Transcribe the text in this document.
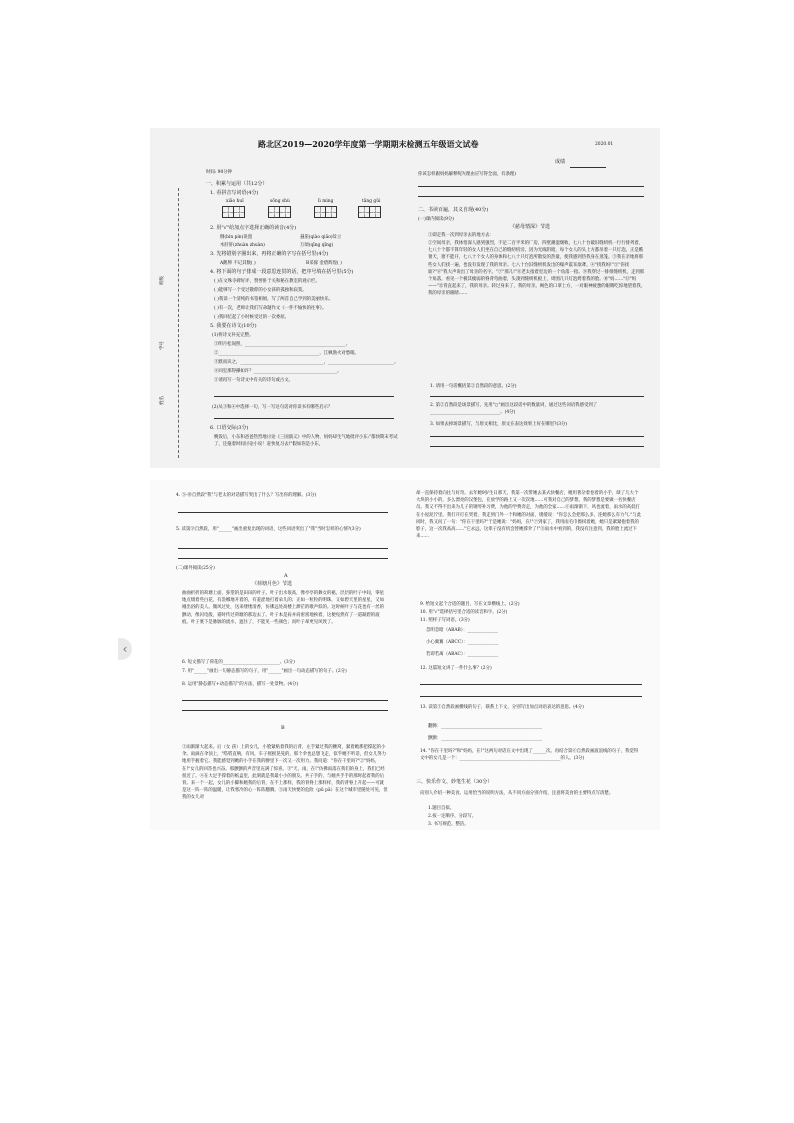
班级
学号
姓名
路北区2019—2020学年度第一学期期末检测五年级语文试卷	2020.01
成绩
时间: 90分钟
一、积累与运用（共12分）
1. 看拼音写词语(4分)
xiāo huǐ	sōng shù	lì mìng	tāng gǔi
2. 用"√"给加点字选择正确的读音(4分)
倒(bìn pín)误置	悬崖(qiào qiǎo)耸立
木肝肝(zhuàn zhuàn)	万顷(qīng qǐng)
3. 先将错别字圈出来，再将正确的字写在括号里(4分)
A鹅卵 不记其数( )	B采傢 金碧辉煌( )
4. 将下面的句子排成一段意思连贯的话，把序号填在括号里(5分)
( )在文殊寺碑好评，赞誉卧于关和秘在教室的观示栏。
( )能够写一个受过敬仰的小女孩的孤独和寂寞。
( )我读一个清纯的书签相姐，写了两首自己学到的美丽快乐。
( )有一次，老师让我们写命题作文《一件不愉快的往事》。
( )我回忆起了小时候受过的一次委屈。
5. 我要在诗文(10分)
(1)将诗文补充完整。
①明月松间照，______________________________________________。
②______________________________________________，江枫渔火对愁眠。
③默而识之，______________________________________，______________________________。
④同室那得操如许？______________________________________。
⑤请再写一句诗文中有关的诗句或古文。
(2)从③和④中选择一句，写一写这句话对你读书有哪些启示？
6. 口语交际(3分)
晚饭后，小东和爸爸热烈地讨论《三国演义》中的人物，妈妈却生气地批评小东:"都快期末考试了，还拖着时间讨论小说！赶快复习去!"假如你是小东，
你该怎样跟妈妈解释呢?(理由应写得全面，有条理)
二、书读百遍，其义自现(40分)
(一)课内阅读(9分)
《慈母情深》节选
①即走我一次到母亲去的地方去：
②空间母亲，我体悟深人感到强烈，不足二百平米的厂房，四壁潮湿颓败，七八十台破旧缝纫机一行行排列着，七八十个都不算年轻的女人们坐在自己的缝纫机旁。因为光线阴暗，每个女人的头上方都吊着一只灯泡。正是酷暑天，窗不能开，七八十个女人的身体和七八十只灯泡所散发的热量，使我感到热我身在蒸笼。③我在亲地将那些女人们找一遍，也没有发现了我的母亲。七八十台旧缝纫机发出的噪声震耳欲聋。④"找我妈!"⑤"你找谁?"⑥"我大声说出了母亲的名字。"⑦"那儿!"⑧老太指着里边的一个角落一指。⑨我穿过一排排缝纫机，走到那个角落，看见一个极其瘦弱的脊背弯曲着，头凑到缝纫机板上，周围几只灯泡烤着我的脸。⑩"妈……"⑪"妈——"⑫背直起来了，我的母亲。转过身来了，我的母亲。褐色的口罩上方，一对眼神疲惫的眼睛吃惊地望着我，我的母亲的眼睛……
1. 请用一句话概括第②自然段的意思。(2分)
2. 第②自然段是场景描写，先用"○"画出这段话中的数量词，通过这些词语我感受到了________________________________。(4分)
3. 如果去掉场景描写，与原文相比，原文在表达效果上好在哪里?(3分)
4. ⑤-⑩自然段"我"与老太的对话描写突出了什么？写出你的理解。(3分)
5. 读第⑨自然段，用"______"画出重复出现的词语，这些词语突出了"我"当时怎样的心情?(3分)
(二)课外阅读(25分)
A
《荷塘月色》节选
曲曲折折的荷塘上面，弥望的是田田的叶子。叶子出水很高，像亭亭的舞女的裙。层层的叶子中间，零星地点缀着些白花，有袅娜地开着的，有羞涩地打着朵儿的；正如一粒粒的明珠，又如碧天里的星星，又如刚出浴的美人。微风过处，送来缕缕清香，仿佛远处高楼上渺茫的歌声似的。这时候叶子与花也有一丝的颤动，像闪电般，霎时传过荷塘的那边去了。叶子本是肩并肩密密地挨着，这便宛然有了一道凝碧的波痕。叶子底下是脉脉的流水，遮住了，不能见一些颜色；而叶子却更见风致了。
6. 短文描写了荷花的__________________________。(3分)
7. 用"______"画出一句静态描写的句子，用"______"画出一句动态描写的句子。(2分)
8. 运用"静态描写+动态描写"的方法，描写一处景物。(4分)
B
①雨渐渐大起来。后（女 孩）上的女儿，小脸紧贴着我的后背，左手紧过我的腰窝，紧着她那把撑起的小伞。雨滴在伞顶上，"嗒嗒直响，有风，车子摇摇晃晃的，那个伞也总想飞走，似乎她不听话，但女儿努力地用手握着它。我能感觉到她的小手在我的腰里下一次又一次用力。我问道："你在干里吗?"②"妈妈，在!"女儿的回答也兴奋。那颤颤的声音里充满了惊喜。③"天，雨，在!"仿佛雨落在我们的身上，我们已经很近了。④在大足手撑着的纸盒里，此刻就是我最小小的朋友。共子手的，与她共手手的那时起着我的后背。来一个一起，女儿的小脚和她我的后背，在不上那样，我的背脊上那样样，我的背脊上升起——可就是这一阵一阵的温暖，让我寒冷的心一阵阵翻腾。⑤雨天快要的危险（pū pā）在这个城市里随处可见，但我的女儿对
却一直保持着向往与好奇。去年她9岁生日那天，我第一次带她去某式快餐店，她用著杂着卷着的小手，缺了几大个大块的小小的，多么漂亮的汉堡包，在放学的路上又一次次地……可我对自己的梦想，我的梦想是要做一名快餐店员。我又不得不出来为儿子的钢琴补习费，为他的学费奔走，为他的全家……⑥雨渐渐下，风也流着，雨水的高低打在小屋泥泞里。我打开灯在哭着，我走到门外一个和她的对面，缓缓说："你怎么会把那么多，连她那么有力气."与此同时，我又问了一句："你在干里吗?"于是她说："妈妈，在!"⑦到家了，我用雨毛巾擦拭着她，她只是紧紧抱着我的脖子，这一次我高高……"它永远，这辈子没有机会替她撑伞了!"⑧雨水中看到的，我没有注意到，我的脸上流过下来……
9. 给短文起个合适的题目，写在文章横线上。(2分)
10. 用"√"选择括号里合适的读音和字。(2分)
11. 照样子写词语。(3分)
忽明忽暗（ABAB）：______________
小心翼翼（ABCC）：______________
若即若离（ABAC）：______________
12. 这篇短文讲了一件什么事？(2分)
13. 读第③自然段画横线的句子，联系上下文，分别写出加点词语表达的意思。(4分)
翻腾：______________________________________________
颤颤：______________________________________________
14. "你在干里吗?"和"妈妈，在!"这两句对话在文中出现了______次。再结合第⑥自然段画波浪线的句子，我觉得文中的女儿是一个：______________________________________________的人。(3分)
三、快乐作文、妙笔生花（30分）
向别人介绍一种美食。运用恰当的说明方法，从不同方面分别介绍，注意将美食的主要特点写清楚。
1.题目自拟。
2.按一定顺序、分段写。
3. 书写规范、整洁。
‹
